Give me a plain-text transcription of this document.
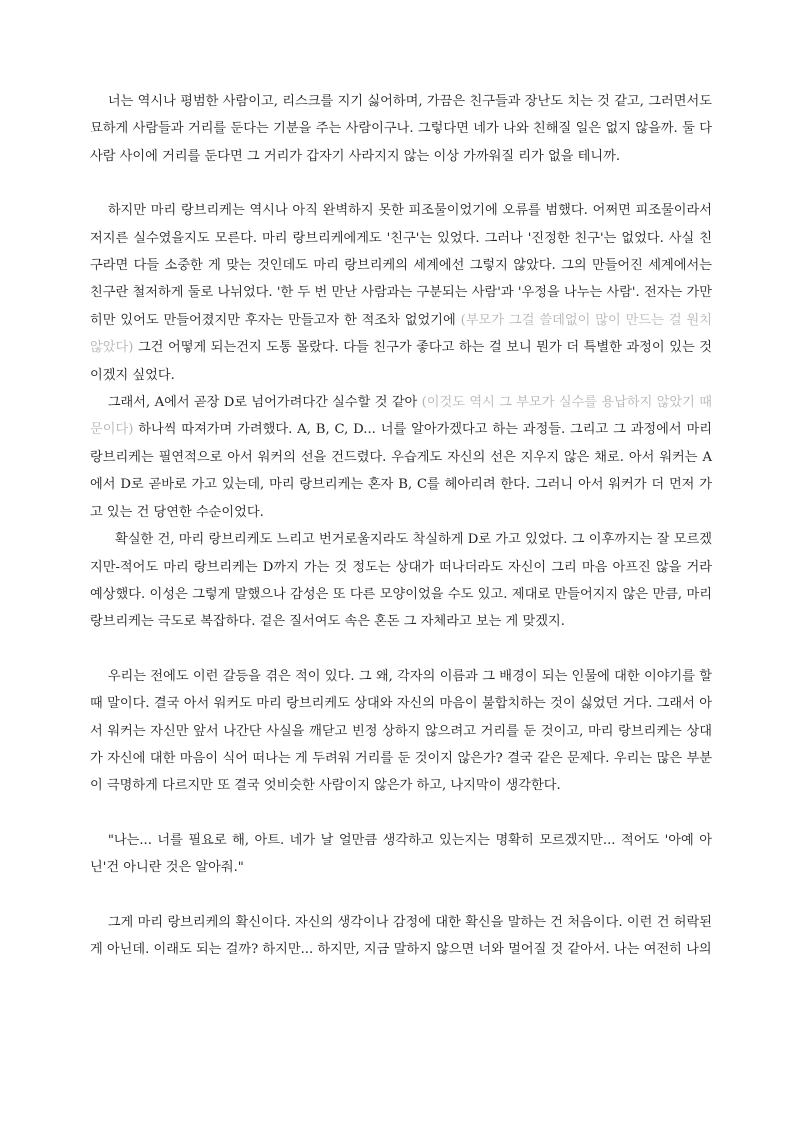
너는 역시나 평범한 사람이고, 리스크를 지기 싫어하며, 가끔은 친구들과 장난도 치는 것 같고, 그러면서도 묘하게 사람들과 거리를 둔다는 기분을 주는 사람이구나. 그렇다면 네가 나와 친해질 일은 없지 않을까. 둘 다 사람 사이에 거리를 둔다면 그 거리가 갑자기 사라지지 않는 이상 가까워질 리가 없을 테니까.

하지만 마리 랑브리케는 역시나 아직 완벽하지 못한 피조물이었기에 오류를 범했다. 어쩌면 피조물이라서 저지른 실수였을지도 모른다. 마리 랑브리케에게도 '친구'는 있었다. 그러나 '진정한 친구'는 없었다. 사실 친구라면 다들 소중한 게 맞는 것인데도 마리 랑브리케의 세계에선 그렇지 않았다. 그의 만들어진 세계에서는 친구란 철저하게 둘로 나뉘었다. '한 두 번 만난 사람과는 구분되는 사람'과 '우정을 나누는 사람'. 전자는 가만히만 있어도 만들어졌지만 후자는 만들고자 한 적조차 없었기에 (부모가 그걸 쓸데없이 많이 만드는 걸 원치 않았다) 그건 어떻게 되는건지 도통 몰랐다. 다들 친구가 좋다고 하는 걸 보니 뭔가 더 특별한 과정이 있는 것이겠지 싶었다.

그래서, A에서 곧장 D로 넘어가려다간 실수할 것 같아 (이것도 역시 그 부모가 실수를 용납하지 않았기 때문이다) 하나씩 따져가며 가려했다. A, B, C, D... 너를 알아가겠다고 하는 과정들. 그리고 그 과정에서 마리 랑브리케는 필연적으로 아서 워커의 선을 건드렸다. 우습게도 자신의 선은 지우지 않은 채로. 아서 워커는 A에서 D로 곧바로 가고 있는데, 마리 랑브리케는 혼자 B, C를 헤아리려 한다. 그러니 아서 워커가 더 먼저 가고 있는 건 당연한 수순이었다.

확실한 건, 마리 랑브리케도 느리고 번거로울지라도 착실하게 D로 가고 있었다. 그 이후까지는 잘 모르겠지만-적어도 마리 랑브리케는 D까지 가는 것 정도는 상대가 떠나더라도 자신이 그리 마음 아프진 않을 거라 예상했다. 이성은 그렇게 말했으나 감성은 또 다른 모양이었을 수도 있고. 제대로 만들어지지 않은 만큼, 마리 랑브리케는 극도로 복잡하다. 겉은 질서여도 속은 혼돈 그 자체라고 보는 게 맞겠지.

우리는 전에도 이런 갈등을 겪은 적이 있다. 그 왜, 각자의 이름과 그 배경이 되는 인물에 대한 이야기를 할 때 말이다. 결국 아서 워커도 마리 랑브리케도 상대와 자신의 마음이 불합치하는 것이 싫었던 거다. 그래서 아서 워커는 자신만 앞서 나간단 사실을 깨닫고 빈정 상하지 않으려고 거리를 둔 것이고, 마리 랑브리케는 상대가 자신에 대한 마음이 식어 떠나는 게 두려워 거리를 둔 것이지 않은가? 결국 같은 문제다. 우리는 많은 부분이 극명하게 다르지만 또 결국 엇비슷한 사람이지 않은가 하고, 나지막이 생각한다.

"나는... 너를 필요로 해, 아트. 네가 날 얼만큼 생각하고 있는지는 명확히 모르겠지만... 적어도 '아예 아닌'건 아니란 것은 알아줘."

그게 마리 랑브리케의 확신이다. 자신의 생각이나 감정에 대한 확신을 말하는 건 처음이다. 이런 건 허락된 게 아닌데. 이래도 되는 걸까? 하지만... 하지만, 지금 말하지 않으면 너와 멀어질 것 같아서. 나는 여전히 나의
